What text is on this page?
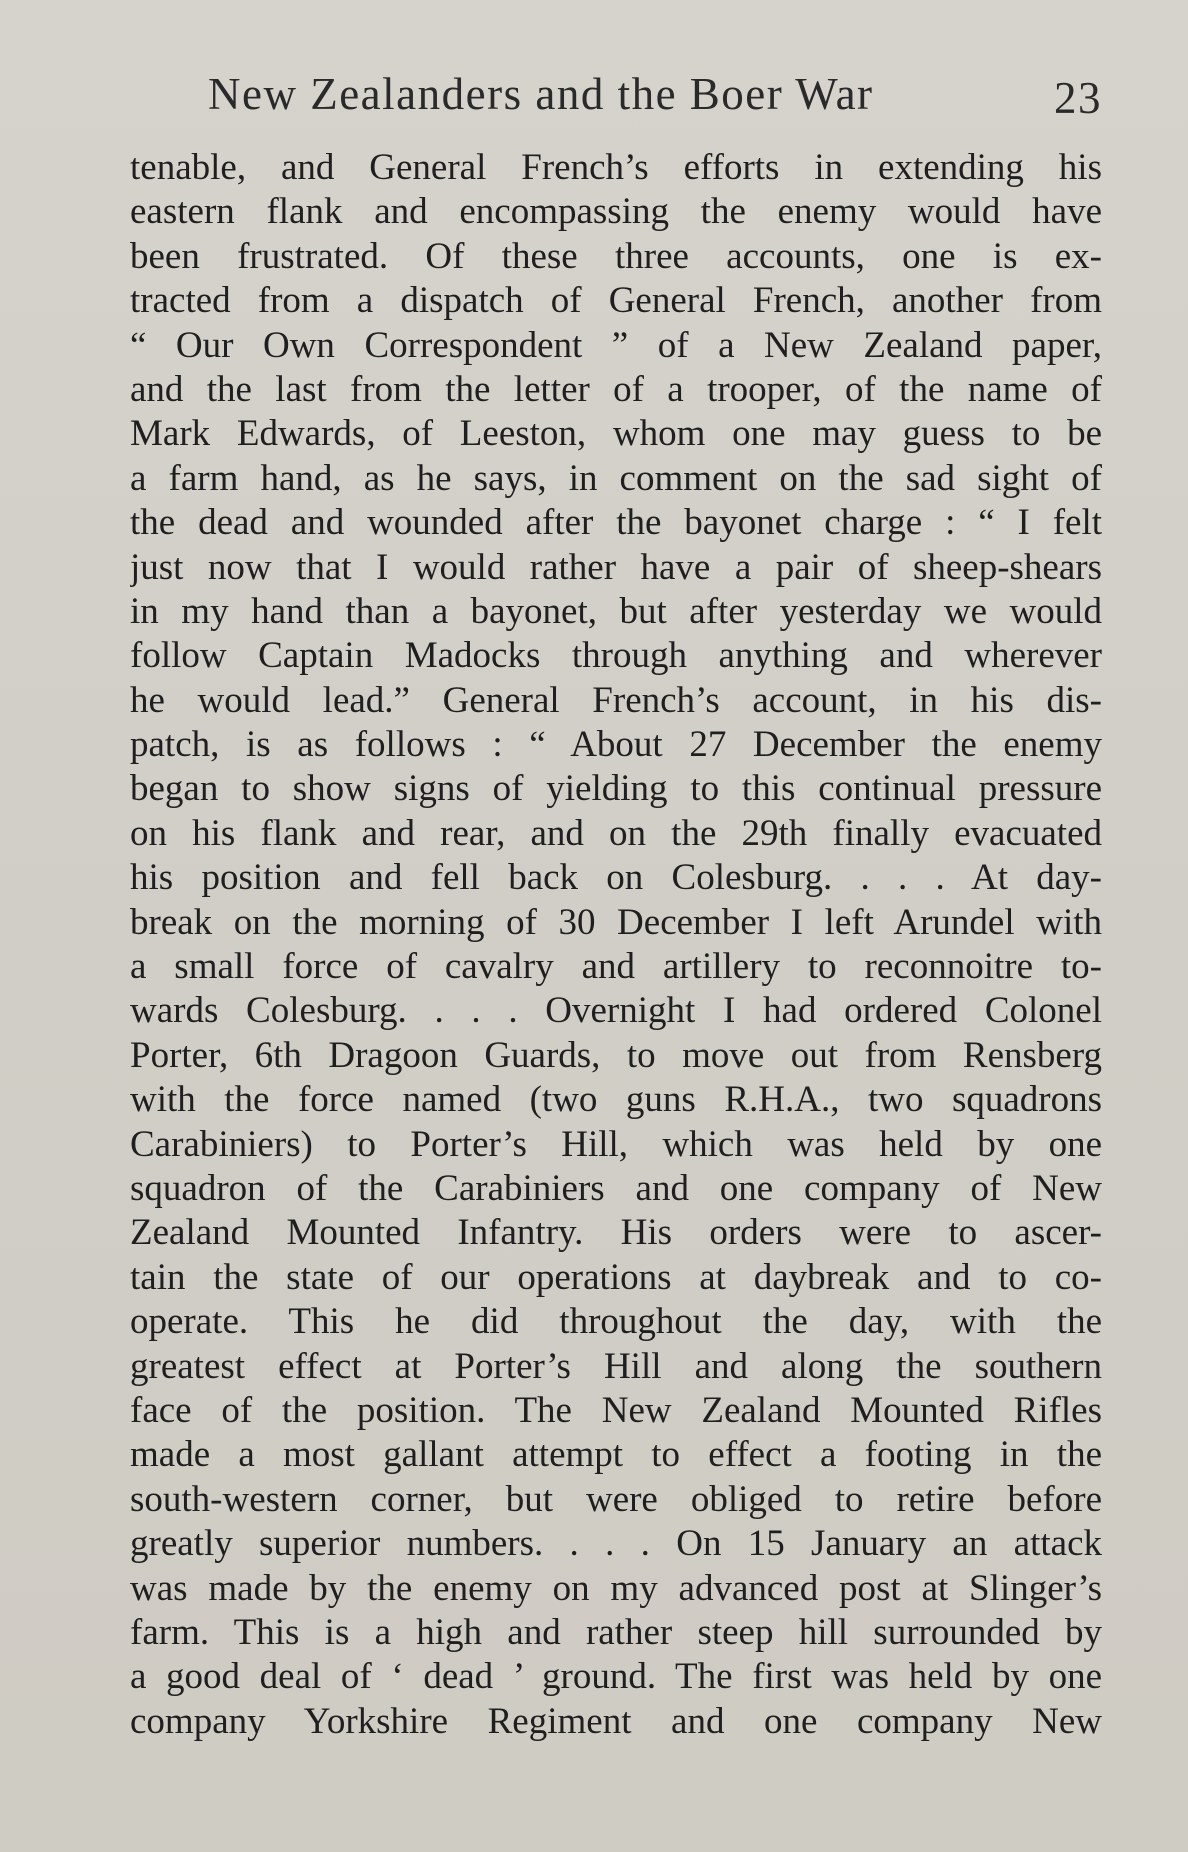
New Zealanders and the Boer War	23
tenable, and General French’s efforts in extending his
eastern flank and encompassing the enemy would have
been frustrated. Of these three accounts, one is ex-
tracted from a dispatch of General French, another from
“ Our Own Correspondent ” of a New Zealand paper,
and the last from the letter of a trooper, of the name of
Mark Edwards, of Leeston, whom one may guess to be
a farm hand, as he says, in comment on the sad sight of
the dead and wounded after the bayonet charge : “ I felt
just now that I would rather have a pair of sheep-shears
in my hand than a bayonet, but after yesterday we would
follow Captain Madocks through anything and wherever
he would lead.” General French’s account, in his dis-
patch, is as follows : “ About 27 December the enemy
began to show signs of yielding to this continual pressure
on his flank and rear, and on the 29th finally evacuated
his position and fell back on Colesburg. . . . At day-
break on the morning of 30 December I left Arundel with
a small force of cavalry and artillery to reconnoitre to-
wards Colesburg. . . . Overnight I had ordered Colonel
Porter, 6th Dragoon Guards, to move out from Rensberg
with the force named (two guns R.H.A., two squadrons
Carabiniers) to Porter’s Hill, which was held by one
squadron of the Carabiniers and one company of New
Zealand Mounted Infantry. His orders were to ascer-
tain the state of our operations at daybreak and to co-
operate. This he did throughout the day, with the
greatest effect at Porter’s Hill and along the southern
face of the position. The New Zealand Mounted Rifles
made a most gallant attempt to effect a footing in the
south-western corner, but were obliged to retire before
greatly superior numbers. . . . On 15 January an attack
was made by the enemy on my advanced post at Slinger’s
farm. This is a high and rather steep hill surrounded by
a good deal of ‘ dead ’ ground. The first was held by one
company Yorkshire Regiment and one company New
